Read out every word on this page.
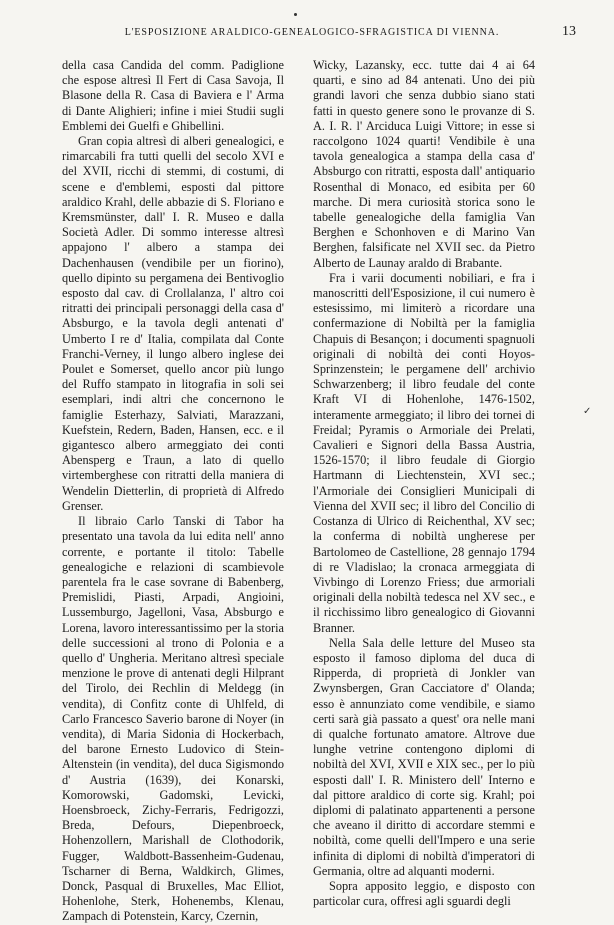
L'ESPOSIZIONE ARALDICO-GENEALOGICO-SFRAGISTICA DI VIENNA.	13

della casa Candida del comm. Padiglione che espose altresì Il Fert di Casa Savoja, Il Blasone della R. Casa di Baviera e l' Arma di Dante Alighieri; infine i miei Studii sugli Emblemi dei Guelfi e Ghibellini.

Gran copia altresì di alberi genealogici, e rimarcabili fra tutti quelli del secolo XVI e del XVII, ricchi di stemmi, di costumi, di scene e d'emblemi, esposti dal pittore araldico Krahl, delle abbazie di S. Floriano e Kremsmünster, dall' I. R. Museo e dalla Società Adler. Di sommo interesse altresì appajono l' albero a stampa dei Dachenhausen (vendibile per un fiorino), quello dipinto su pergamena dei Bentivoglio esposto dal cav. di Crollalanza, l' altro coi ritratti dei principali personaggi della casa d' Absburgo, e la tavola degli antenati d' Umberto I re d' Italia, compilata dal Conte Franchi-Verney, il lungo albero inglese dei Poulet e Somerset, quello ancor più lungo del Ruffo stampato in litografia in soli sei esemplari, indi altri che concernono le famiglie Esterhazy, Salviati, Marazzani, Kuefstein, Redern, Baden, Hansen, ecc. e il gigantesco albero armeggiato dei conti Abensperg e Traun, a lato di quello virtemberghese con ritratti della maniera di Wendelin Dietterlin, di proprietà di Alfredo Grenser.

Il libraio Carlo Tanski di Tabor ha presentato una tavola da lui edita nell' anno corrente, e portante il titolo: Tabelle genealogiche e relazioni di scambievole parentela fra le case sovrane di Babenberg, Premislidi, Piasti, Arpadi, Angioini, Lussemburgo, Jagelloni, Vasa, Absburgo e Lorena, lavoro interessantissimo per la storia delle successioni al trono di Polonia e a quello d' Ungheria. Meritano altresì speciale menzione le prove di antenati degli Hilprant del Tirolo, dei Rechlin di Meldegg (in vendita), di Confitz conte di Uhlfeld, di Carlo Francesco Saverio barone di Noyer (in vendita), di Maria Sidonia di Hockerbach, del barone Ernesto Ludovico di Stein-Altenstein (in vendita), del duca Sigismondo d' Austria (1639), dei Konarski, Komorowski, Gadomski, Levicki, Hoensbroeck, Zichy-Ferraris, Fedrigozzi, Breda, Defours, Diepenbroeck, Hohenzollern, Marishall de Clothodorik, Fugger, Waldbott-Bassenheim-Gudenau, Tscharner di Berna, Waldkirch, Glimes, Donck, Pasqual di Bruxelles, Mac Elliot, Hohenlohe, Sterk, Hohenembs, Klenau, Zampach di Potenstein, Karcy, Czernin,

Wicky, Lazansky, ecc. tutte dai 4 ai 64 quarti, e sino ad 84 antenati. Uno dei più grandi lavori che senza dubbio siano stati fatti in questo genere sono le provanze di S. A. I. R. l' Arciduca Luigi Vittore; in esse si raccolgono 1024 quarti! Vendibile è una tavola genealogica a stampa della casa d' Absburgo con ritratti, esposta dall' antiquario Rosenthal di Monaco, ed esibita per 60 marche. Di mera curiosità storica sono le tabelle genealogiche della famiglia Van Berghen e Schonhoven e di Marino Van Berghen, falsificate nel XVII sec. da Pietro Alberto de Launay araldo di Brabante.

Fra i varii documenti nobiliari, e fra i manoscritti dell'Esposizione, il cui numero è estesissimo, mi limiterò a ricordare una confermazione di Nobiltà per la famiglia Chapuis di Besançon; i documenti spagnuoli originali di nobiltà dei conti Hoyos-Sprinzenstein; le pergamene dell' archivio Schwarzenberg; il libro feudale del conte Kraft VI di Hohenlohe, 1476-1502, interamente armeggiato; il libro dei tornei di Freidal; Pyramis o Armoriale dei Prelati, Cavalieri e Signori della Bassa Austria, 1526-1570; il libro feudale di Giorgio Hartmann di Liechtenstein, XVI sec.; l'Armoriale dei Consiglieri Municipali di Vienna del XVII sec; il libro del Concilio di Costanza di Ulrico di Reichenthal, XV sec; la conferma di nobiltà ungherese per Bartolomeo de Castellione, 28 gennajo 1794 di re Vladislao; la cronaca armeggiata di Vivbingo di Lorenzo Friess; due armoriali originali della nobiltà tedesca nel XV sec., e il ricchissimo libro genealogico di Giovanni Branner.

Nella Sala delle letture del Museo sta esposto il famoso diploma del duca di Ripperda, di proprietà di Jonkler van Zwynsbergen, Gran Cacciatore d' Olanda; esso è annunziato come vendibile, e siamo certi sarà già passato a quest' ora nelle mani di qualche fortunato amatore. Altrove due lunghe vetrine contengono diplomi di nobiltà del XVI, XVII e XIX sec., per lo più esposti dall' I. R. Ministero dell' Interno e dal pittore araldico di corte sig. Krahl; poi diplomi di palatinato appartenenti a persone che aveano il diritto di accordare stemmi e nobiltà, come quelli dell'Impero e una serie infinita di diplomi di nobiltà d'imperatori di Germania, oltre ad alquanti moderni.

Sopra apposito leggio, e disposto con particolar cura, offresi agli sguardi degli

✓
